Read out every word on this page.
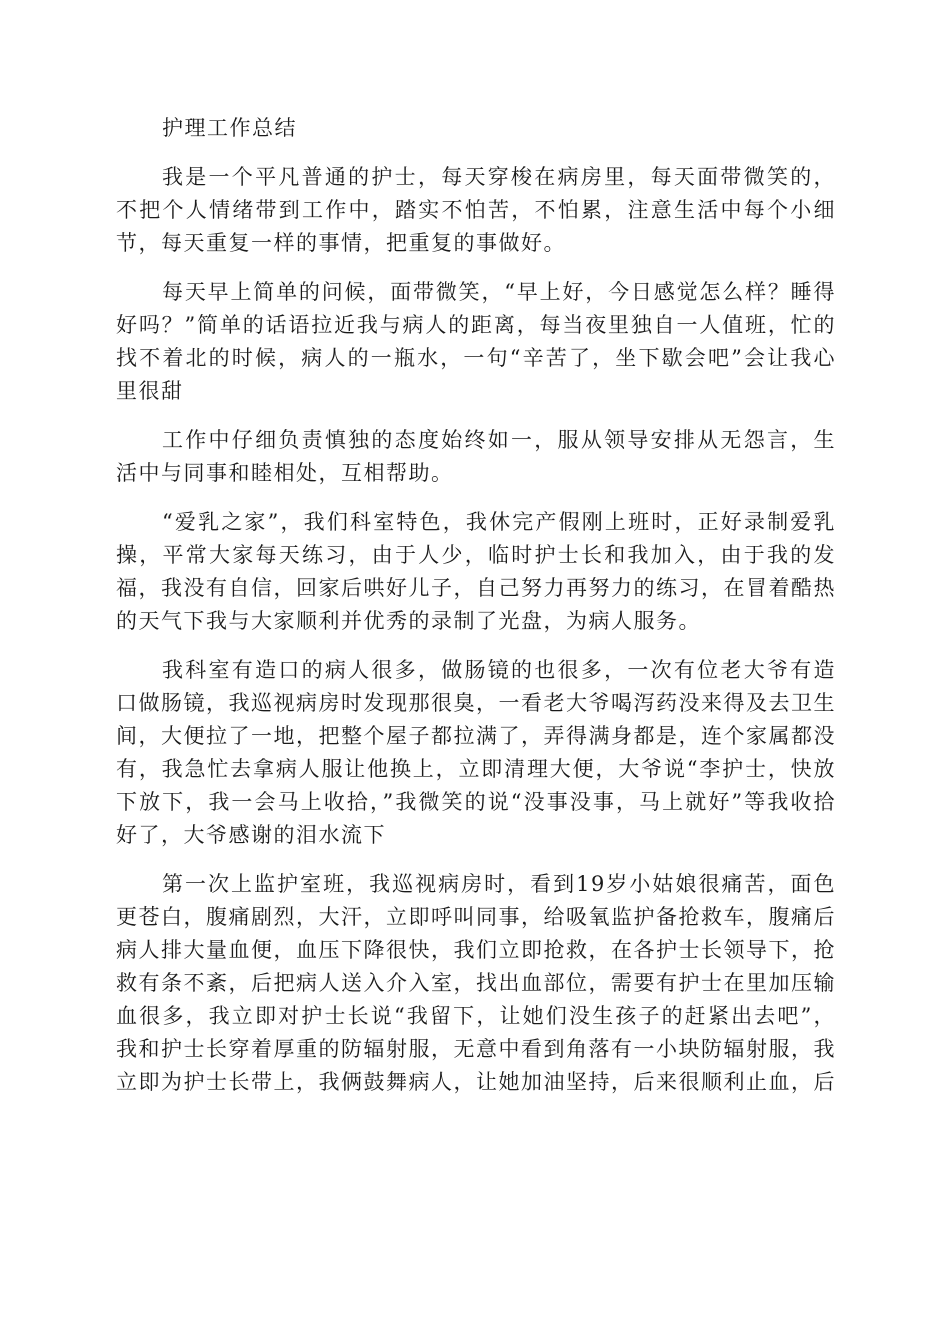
护理工作总结

我是一个平凡普通的护士，每天穿梭在病房里，每天面带微笑的，不把个人情绪带到工作中，踏实不怕苦，不怕累，注意生活中每个小细节，每天重复一样的事情，把重复的事做好。

每天早上简单的问候，面带微笑，“早上好，今日感觉怎么样？睡得好吗？”简单的话语拉近我与病人的距离，每当夜里独自一人值班，忙的找不着北的时候，病人的一瓶水，一句“辛苦了，坐下歇会吧”会让我心里很甜

工作中仔细负责慎独的态度始终如一，服从领导安排从无怨言，生活中与同事和睦相处，互相帮助。

“爱乳之家”，我们科室特色，我休完产假刚上班时，正好录制爱乳操，平常大家每天练习，由于人少，临时护士长和我加入，由于我的发福，我没有自信，回家后哄好儿子，自己努力再努力的练习，在冒着酷热的天气下我与大家顺利并优秀的录制了光盘，为病人服务。

我科室有造口的病人很多，做肠镜的也很多，一次有位老大爷有造口做肠镜，我巡视病房时发现那很臭，一看老大爷喝泻药没来得及去卫生间，大便拉了一地，把整个屋子都拉满了，弄得满身都是，连个家属都没有，我急忙去拿病人服让他换上，立即清理大便，大爷说“李护士，快放下放下，我一会马上收拾，”我微笑的说“没事没事，马上就好”等我收拾好了，大爷感谢的泪水流下

第一次上监护室班，我巡视病房时，看到19岁小姑娘很痛苦，面色更苍白，腹痛剧烈，大汗，立即呼叫同事，给吸氧监护备抢救车，腹痛后病人排大量血便，血压下降很快，我们立即抢救，在各护士长领导下，抢救有条不紊，后把病人送入介入室，找出血部位，需要有护士在里加压输血很多，我立即对护士长说“我留下，让她们没生孩子的赶紧出去吧”，我和护士长穿着厚重的防辐射服，无意中看到角落有一小块防辐射服，我立即为护士长带上，我俩鼓舞病人，让她加油坚持，后来很顺利止血，后
